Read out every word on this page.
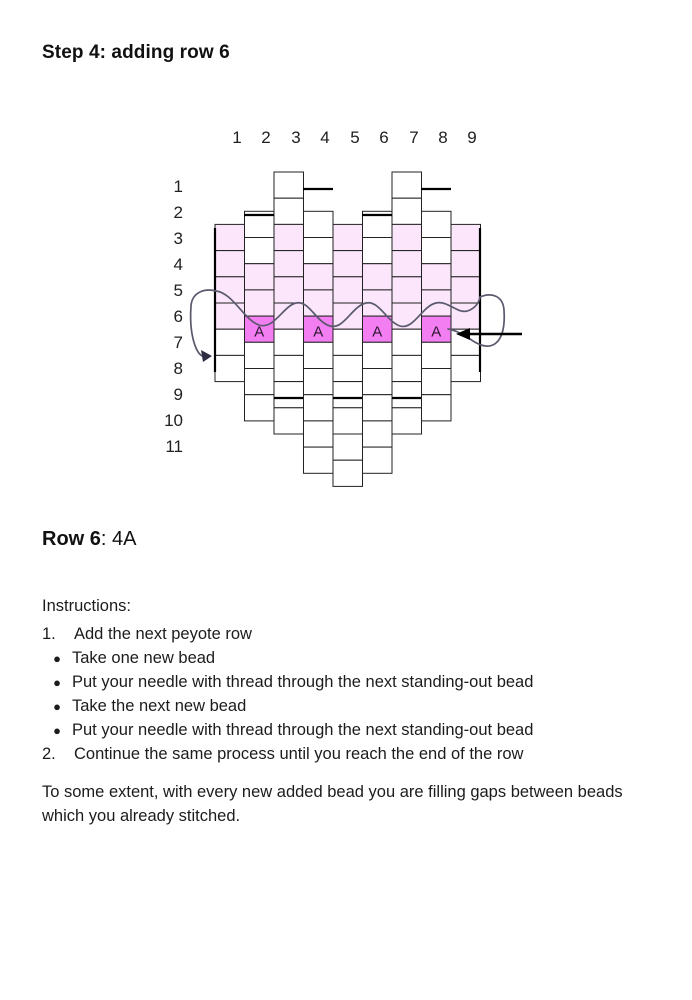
Step 4: adding row 6
1 2 3 4 5 6 7 8 9
1
2
3
4
5
6
7
8
9
10
11
A	A	A	A
Row 6: 4A

Instructions:

1.	Add the next peyote row
● Take one new bead
● Put your needle with thread through the next standing-out bead
● Take the next new bead
● Put your needle with thread through the next standing-out bead
2.	Continue the same process until you reach the end of the row
To some extent, with every new added bead you are filling gaps between beads which you already stitched.
